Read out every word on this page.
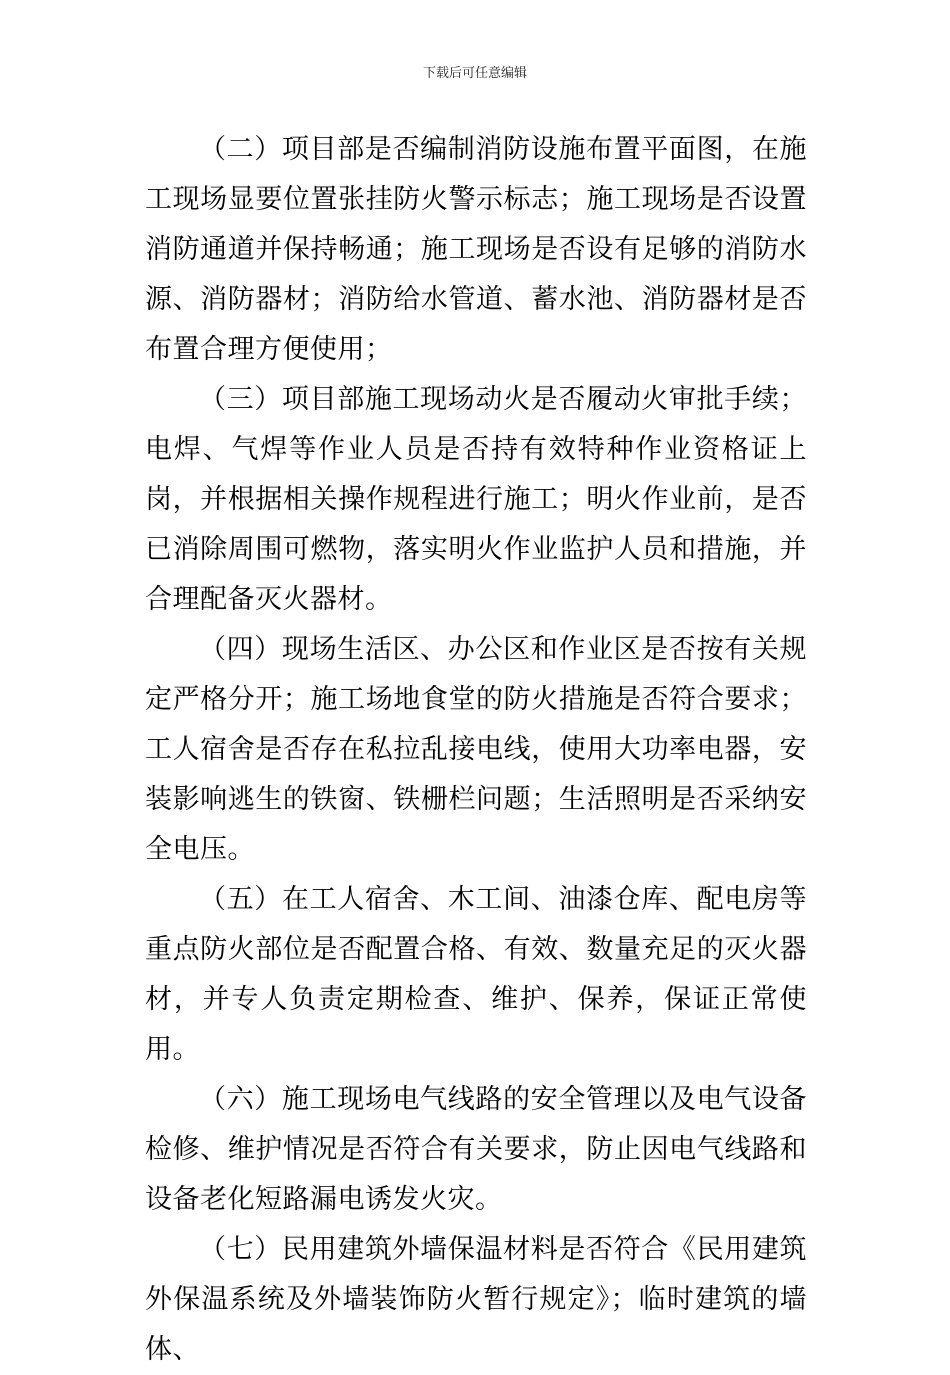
下载后可任意编辑

（二）项目部是否编制消防设施布置平面图，在施工现场显要位置张挂防火警示标志；施工现场是否设置消防通道并保持畅通；施工现场是否设有足够的消防水源、消防器材；消防给水管道、蓄水池、消防器材是否布置合理方便使用；

（三）项目部施工现场动火是否履动火审批手续；电焊、气焊等作业人员是否持有效特种作业资格证上岗，并根据相关操作规程进行施工；明火作业前，是否已消除周围可燃物，落实明火作业监护人员和措施，并合理配备灭火器材。

（四）现场生活区、办公区和作业区是否按有关规定严格分开；施工场地食堂的防火措施是否符合要求；工人宿舍是否存在私拉乱接电线，使用大功率电器，安装影响逃生的铁窗、铁栅栏问题；生活照明是否采纳安全电压。

（五）在工人宿舍、木工间、油漆仓库、配电房等重点防火部位是否配置合格、有效、数量充足的灭火器材，并专人负责定期检查、维护、保养，保证正常使用。

（六）施工现场电气线路的安全管理以及电气设备检修、维护情况是否符合有关要求，防止因电气线路和设备老化短路漏电诱发火灾。

（七）民用建筑外墙保温材料是否符合《民用建筑外保温系统及外墙装饰防火暂行规定》；临时建筑的墙体、
